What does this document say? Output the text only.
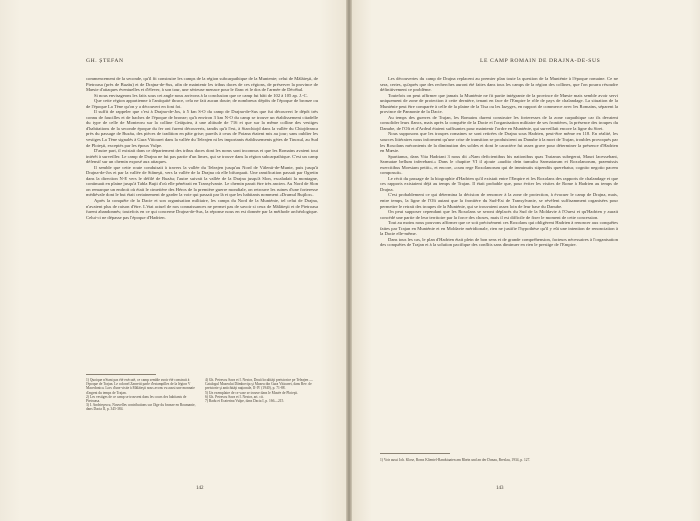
GH. ȘTEFAN

commencement de la seconde, qu'il fit construire les camps de la région subcarpathique de la Muntenie; celui de Mălăieşti, de Pietroasa (près de Buzău) et de Drajna-de-Sus, afin de maintenir les tribus daces de ces régions, de préserver la province de Mœsie d'attaques éventuelles et d'élever, à son tour, une sérieuse menace pour le flanc et le dos de l'armée de Décébal.

Si nous envisageons les faits sous cet angle nous arrivons à la conclusion que ce camp fut bâti de 102 à 105 ap. J.-C.

Que cette région appartienne à l'antiquité thrace, cela ne fait aucun doute; de nombreux dépôts de l'époque de bronze ou de l'époque La Tène qu'on y a découvert en font foi.

Il suffit de rappeler que c'est à Drajna-de-Jos, à 5 km S-O du camp de Drajna-de-Sus que fut découvert le dépôt très connu de faucilles et de haches de l'époque de bronze; qu'à environ 3 km N-O du camp se trouve un établissement citadelle du type de celle de Monteoru sur la colline Cetăţuiea, à une altitude de 716 et que sur la même colline des vestiges d'habitations de la seconde époque du fer ont furent découverts, tandis qu'à l'est, à Starchiojd dans la vallée du Chiojdeanca près du passage de Buzău, des pièces de tradition en pâte grise; pareils à ceux de Poiana étaient mis au jour; sans oublier les vestiges La Tène signalés à Gura Vitioarei dans la vallée du Teleajen ni les importants établissements gètes de Tinosul, au Sud de Ploieşti, exceptés par les époux Vulpe.

D'autre part, il existait dans ce département des tribus daces dont les noms sont inconnus et que les Romains avaient tout intérêt à surveiller. Le camp de Drajna ne fut pas partie d'un limes, qui se trouve dans la région subcarpathique. C'est un camp défensif sur un chemin exposé aux attaques.

Il semble que cette route conduisait à travers la vallée du Teleajen jusqu'au Nord de Vălenii-de-Munte, puis jusqu'à Drajna-de-Jos et par la vallée de Stâneşti, vers la vallée de la Drajna où elle bifurquait. Une ramification passait par Ogretin dans la direction N-E vers le défilé de Buzău; l'autre suivait la vallée de la Drajna jusqu'à Slon, escaladait la montagne, continuait en plaine jusqu'à Tabla Buţii d'où elle pénétrait en Transylvanie. Le chemin parait être très ancien. Au Nord de Slon on remarque un endroit où était le cimetière des Héros de la première guerre mondiale, on retrouve les ruines d'une forteresse médiévale dont le but était certainement de garder la voie qui passait par là et que les habitants nomment «Drumul Buţilor».

Après la conquête de la Dacie et son organisation militaire, les camps du Nord de la Munténie, tel celui de Drajna, n'avaient plus de raison d'être. L'état actuel de nos connaissances ne permet pas de savoir si ceux de Mălăieşti et de Pietroasa furent abandonnés; toutefois en ce qui concerne Drajna-de-Sus, la réponse nous en est donnée par la méthode archéologique. Celui-ci ne dépasse pas l'époque d'Hadrien.

1) Quoique n'étant pas été exécuté, ce camp semble avoir été construit à l'époque de Trajan. Le colonel Zanretti parle d'estampilles de la légion V Macedonica. Lors d'une visite à Mălăieşti nous avons vu aussi une monnaie d'argent du temps de Trajan.
2) Les vestiges de ce camp se trouvent dans les cours des habitants de Pietroasa.
3) I. Andrieşescu, Nouvelles contributions sur l'âge du bronze en Roumanie, dans Dacia II, p. 345-384.
4) Gh. Petrescu Sava et I. Nestor, Două localităţi preistorice pe Teleajen — Catalogul Muzeului Dâmboviţa şi Muzeu din Gura Vitioarei, dans Rev. de preistorie şi antichităţi naţionale, II-IV (1940), p. 71-88.
5) Un exemplaire de ce vase se trouve dans le Musée de Ploieşti.
6) Gh. Petrescu Sava et I. Nestor, art. cit.
7) Radu et Ecaterina Vulpe, dans Dacia I, p. 166—215.
142
LE CAMP ROMAIN DE DRAJNA-DE-SUS

Les découvertes du camp de Drajna replacent au premier plan toute la question de la Munténie à l'époque romaine. Ce ne sera, certes, qu'après que des recherches auront été faites dans tous les camps de la région des collines, que l'on pourra résoudre définitivement ce problème.

Toutefois on peut affirmer que jamais la Munténie ne fit partie intégrante de la province de Mœsie mais semble avoir servi uniquement de zone de protection à cette dernière, tenant en face de l'Empire le rôle de pays de chalandage. La situation de la Munténie peut être comparée à celle de la plaine de la Tisa ou les Iazyges, en rapport de commerce avec les Romains, séparent la province de Pannonie de la Dacie.

Au temps des guerres de Trajan, les Romains durent construire les forteresses de la zone carpathique car ils devaient consolider leurs flancs, mais après la conquête de la Dacie et l'organisation militaire de ses frontières, la présence des troupes du Danube, de l'Olt et d'Ardeal étaient suffisantes pour maintenir l'ordre en Munténie, qui surveillait encore la ligne du Siret.

Nous supposons que les troupes romaines se sont retirées de Drajna sous Hadrien, peut-être même en 118. En réalité, les sources littéraires nous informent qu'une crise de transition se produisirent au Danube à la mort de Trajan, troubles provoqués par les Roxolans mécontents de la diminution des soldes et dont le caractère fut assez grave pour déterminer la présence d'Hadrien en Mœsie.

Spartianus, dans Vita Hadriani 3 nous dit «Nam deficientibus his nationibus quas Traianus subegerat, Mauri lacessebant, Sarmatae bellum inferebant.» Dans le chapitre VI il ajoute «audito dein tumultu Sarmatarum et Roxolanorum, praemissis exercitibus Moesiam petiit», et encore, «cum rege Roxolanorum qui de imminutis stipendiis querebatur, cognito negotio pacem composuit».

Le récit du passage de la biographie d'Hadrien qu'il existait entre l'Empire et les Roxolans des rapports de chalandage et que ces rapports existaient déjà au temps de Trajan. Il était probable que, pour éviter les visites de Rome à Hadrien au temps de Drajna.

C'est probablement ce qui détermina la décision de renoncer à la zone de protection, à évacuer le camp de Drajna, mais, entre temps, la ligne de l'Olt autant que la frontière du Sud-Est de Transylvanie, se révèlent suffisamment organisées pour permettre le retrait des troupes de la Munténie, qui se trouvaient assez loin de leur base du Danube.

On peut supposer cependant que les Roxolans se seront déplacés du Sud de la Moldavie à l'Ouest et qu'Hadrien y aurait concédé une partie de leur territoire par la force des choses, mais il est difficile de fixer le moment de cette concession.

Tout au moins nous pouvons affirmer que ce soit précisément ces Roxolans qui obligèrent Hadrien à renoncer aux conquêtes faites par Trajan en Munténie et en Moldavie méridionale, rien ne justifie l'hypothèse qu'il y eût une intention de renonciation à la Dacie elle-même.

Dans tous les cas, le plan d'Hadrien était plein de bon sens et de grande compréhension, facteurs nécessaires à l'organisation des conquêtes de Trajan et à la solution pacifique des conflits sans diminuer en rien le prestige de l'Empire.

1) Voir aussi Joh. Klose, Roms Klientel-Randstaaten am Rhein und an der Donau, Breslau, 1934, p. 127.
143
